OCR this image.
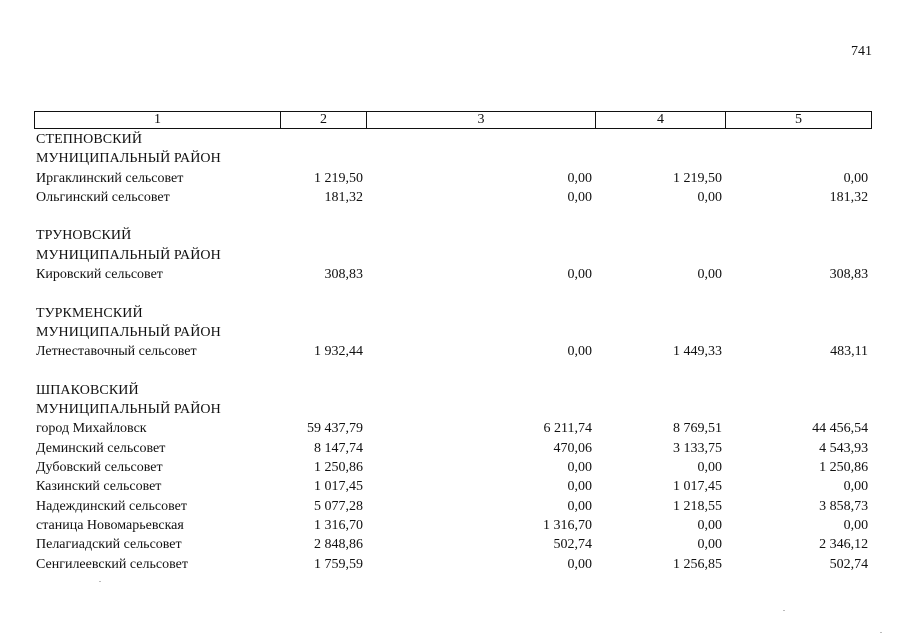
741
1	2	3	4	5
СТЕПНОВСКИЙ				
МУНИЦИПАЛЬНЫЙ РАЙОН				
Иргаклинский сельсовет	1 219,50	0,00	1 219,50	0,00
Ольгинский сельсовет	181,32	0,00	0,00	181,32

ТРУНОВСКИЙ				
МУНИЦИПАЛЬНЫЙ РАЙОН				
Кировский сельсовет	308,83	0,00	0,00	308,83

ТУРКМЕНСКИЙ				
МУНИЦИПАЛЬНЫЙ РАЙОН				
Летнеставочный сельсовет	1 932,44	0,00	1 449,33	483,11

ШПАКОВСКИЙ				
МУНИЦИПАЛЬНЫЙ РАЙОН				
город Михайловск	59 437,79	6 211,74	8 769,51	44 456,54
Деминский сельсовет	8 147,74	470,06	3 133,75	4 543,93
Дубовский сельсовет	1 250,86	0,00	0,00	1 250,86
Казинский сельсовет	1 017,45	0,00	1 017,45	0,00
Надеждинский сельсовет	5 077,28	0,00	1 218,55	3 858,73
станица Новомарьевская	1 316,70	1 316,70	0,00	0,00
Пелагиадский сельсовет	2 848,86	502,74	0,00	2 346,12
Сенгилеевский сельсовет	1 759,59	0,00	1 256,85	502,74
